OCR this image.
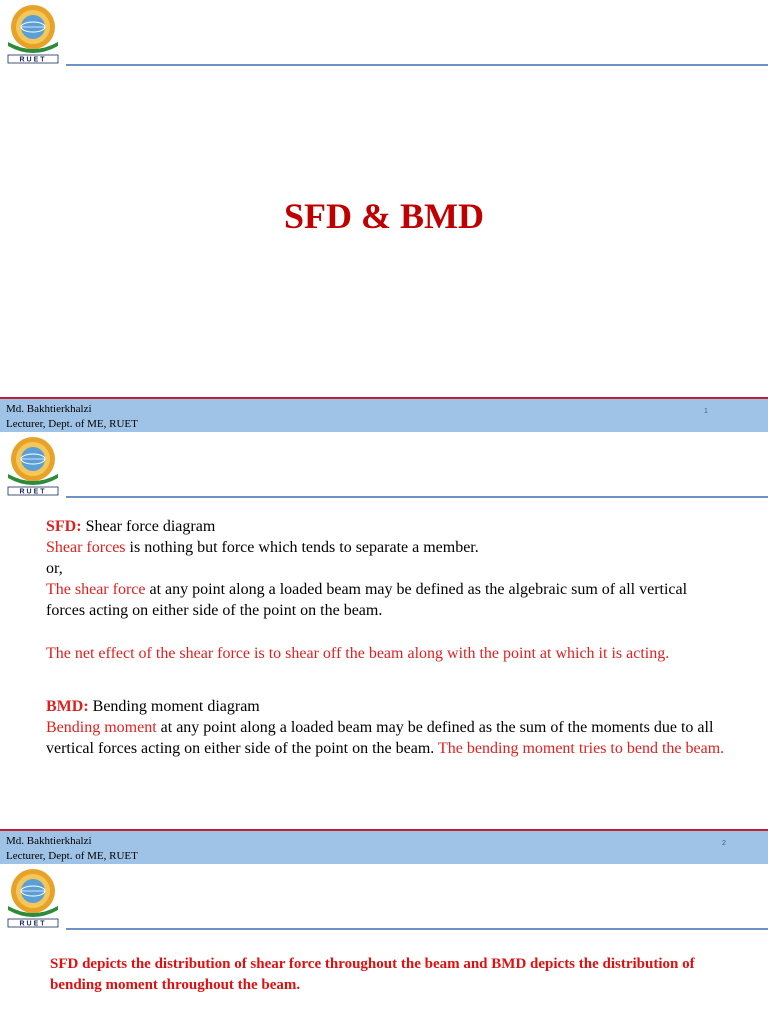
RUET
SFD & BMD
Md. Bakhtierkhalzi
Lecturer, Dept. of ME, RUET
1
RUET
SFD: Shear force diagram
Shear forces is nothing but force which tends to separate a member.
or,
The shear force at any point along a loaded beam may be defined as the algebraic sum of all vertical forces acting on either side of the point on the beam.
The net effect of the shear force is to shear off the beam along with the point at which it is acting.
BMD: Bending moment diagram
Bending moment at any point along a loaded beam may be defined as the sum of the moments due to all vertical forces acting on either side of the point on the beam. The bending moment tries to bend the beam.
Md. Bakhtierkhalzi
Lecturer, Dept. of ME, RUET
2
RUET
SFD depicts the distribution of shear force throughout the beam and BMD depicts the distribution of bending moment throughout the beam.
